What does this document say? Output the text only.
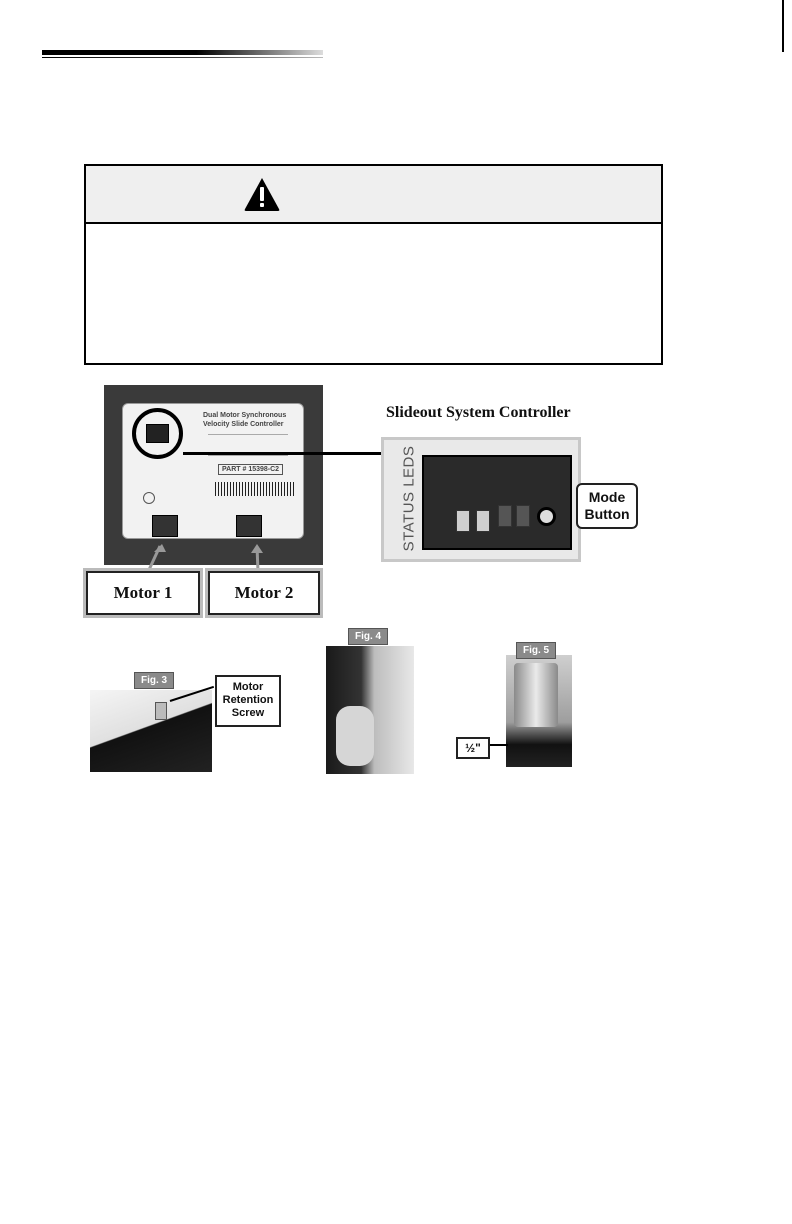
Dual Motor Synchronous
Velocity Slide Controller
PART # 15398-C2
Motor 1	Motor 2
Slideout System Controller
STATUS LEDS	Mode Button
Fig. 3
Motor Retention Screw
Fig. 4
Fig. 5
½"
